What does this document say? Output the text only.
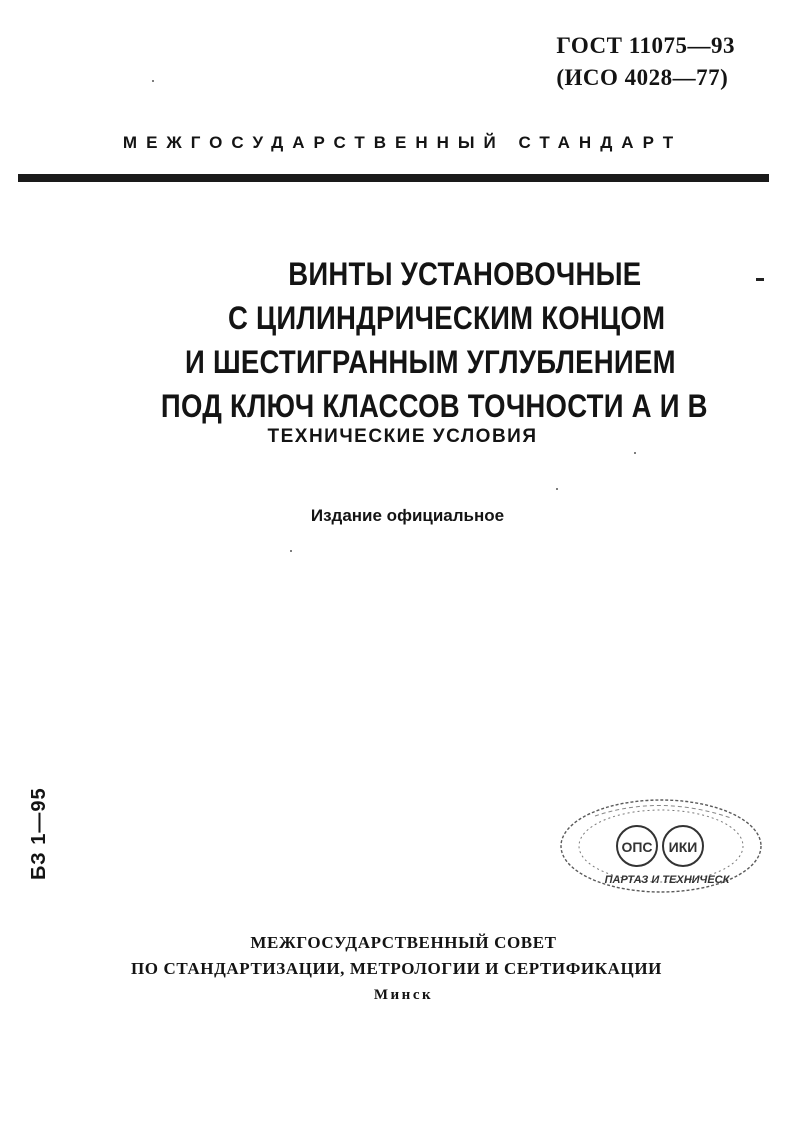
ГОСТ 11075—93
(ИСО 4028—77)
МЕЖГОСУДАРСТВЕННЫЙ СТАНДАРТ
ВИНТЫ УСТАНОВОЧНЫЕ
С ЦИЛИНДРИЧЕСКИМ КОНЦОМ
И ШЕСТИГРАННЫМ УГЛУБЛЕНИЕМ
ПОД КЛЮЧ КЛАССОВ ТОЧНОСТИ А И В
ТЕХНИЧЕСКИЕ УСЛОВИЯ
Издание официальное
БЗ 1—95	ОПС ИКИ
ПАРТАЗ И ТЕХНИЧЕСК
МЕЖГОСУДАРСТВЕННЫЙ СОВЕТ
ПО СТАНДАРТИЗАЦИИ, МЕТРОЛОГИИ И СЕРТИФИКАЦИИ
Минск
